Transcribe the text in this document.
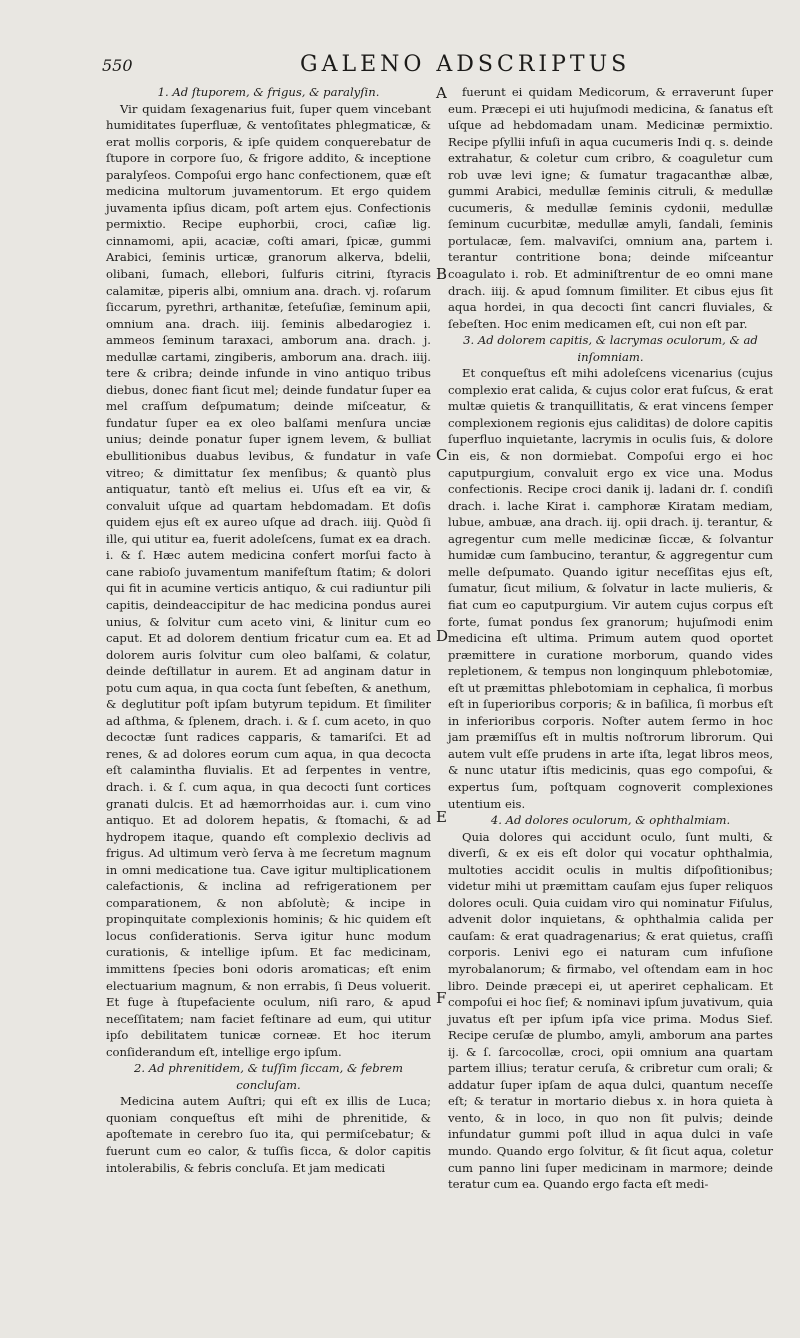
550	GALENO ADSCRIPTUS
A
B
C
D
E
F

1. Ad ſtuporem, & frigus, & paralyſin.

Vir quidam ſexagenarius fuit, ſuper quem vincebant humiditates ſuperfluæ, & ventoſitates phlegmaticæ, & erat mollis corporis, & ipſe quidem conquerebatur de ſtupore in corpore ſuo, & frigore addito, & inceptione paralyſeos. Compoſui ergo hanc confectionem, quæ eſt medicina multorum juvamentorum. Et ergo quidem juvamenta ipſius dicam, poſt artem ejus. Confectionis permixtio. Recipe euphorbii, croci, caſiæ lig. cinnamomi, apii, acaciæ, coſti amari, ſpicæ, gummi Arabici, ſeminis urticæ, granorum alkerva, bdelii, olibani, ſumach, ellebori, ſulfuris citrini, ſtyracis calamitæ, piperis albi, omnium ana. drach. vj. roſarum ſiccarum, pyrethri, arthanitæ, ſeteſuſiæ, ſeminum apii, omnium ana. drach. iiij. ſeminis albedarogiez i. ammeos ſeminum taraxaci, amborum ana. drach. j. medullæ cartami, zingiberis, amborum ana. drach. iiij. tere & cribra; deinde infunde in vino antiquo tribus diebus, donec fiant ſicut mel; deinde fundatur ſuper ea mel craſſum deſpumatum; deinde miſceatur, & fundatur ſuper ea ex oleo balſami menſura unciæ unius; deinde ponatur ſuper ignem levem, & bulliat ebullitionibus duabus levibus, & fundatur in vaſe vitreo; & dimittatur ſex menſibus; & quantò plus antiquatur, tantò eſt melius ei. Uſus eſt ea vir, & convaluit uſque ad quartam hebdomadam. Et doſis quidem ejus eſt ex aureo uſque ad drach. iiij. Quòd ſi ille, qui utitur ea, fuerit adoleſcens, ſumat ex ea drach. i. & ſ. Hæc autem medicina confert morſui facto à cane rabioſo juvamentum manifeſtum ſtatim; & dolori qui fit in acumine verticis antiquo, & cui radiuntur pili capitis, deindeaccipitur de hac medicina pondus aurei unius, & ſolvitur cum aceto vini, & linitur cum eo caput. Et ad dolorem dentium fricatur cum ea. Et ad dolorem auris ſolvitur cum oleo balſami, & colatur, deinde deſtillatur in aurem. Et ad anginam datur in potu cum aqua, in qua cocta ſunt ſebeſten, & anethum, & deglutitur poſt ipſam butyrum tepidum. Et ſimiliter ad aſthma, & ſplenem, drach. i. & ſ. cum aceto, in quo decoctæ ſunt radices capparis, & tamariſci. Et ad renes, & ad dolores eorum cum aqua, in qua decocta eſt calamintha fluvialis. Et ad ſerpentes in ventre, drach. i. & ſ. cum aqua, in qua decocti ſunt cortices granati dulcis. Et ad hæmorrhoidas aur. i. cum vino antiquo. Et ad dolorem hepatis, & ſtomachi, & ad hydropem itaque, quando eſt complexio declivis ad frigus. Ad ultimum verò ſerva à me ſecretum magnum in omni medicatione tua. Cave igitur multiplicationem calefactionis, & inclina ad refrigerationem per comparationem, & non abſolutè; & incipe in propinquitate complexionis hominis; & hic quidem eſt locus conſiderationis. Serva igitur hunc modum curationis, & intellige ipſum. Et fac medicinam, immittens ſpecies boni odoris aromaticas; eſt enim electuarium magnum, & non errabis, ſi Deus voluerit. Et fuge à ſtupefaciente oculum, niſi raro, & apud neceſſitatem; nam faciet feſtinare ad eum, qui utitur ipſo debilitatem tunicæ corneæ. Et hoc iterum conſiderandum eſt, intellige ergo ipſum.

2. Ad phrenitidem, & tuſſim ſiccam, & febrem concluſam.

Medicina autem Auſtri; qui eſt ex illis de Luca; quoniam conqueſtus eſt mihi de phrenitide, & apoſtemate in cerebro ſuo ita, qui permiſcebatur; & fuerunt cum eo calor, & tuſſis ſicca, & dolor capitis intolerabilis, & febris concluſa. Et jam medicati

fuerunt ei quidam Medicorum, & erraverunt ſuper eum. Præcepi ei uti hujuſmodi medicina, & ſanatus eſt uſque ad hebdomadam unam. Medicinæ permixtio. Recipe pſyllii infuſi in aqua cucumeris Indi q. s. deinde extrahatur, & coletur cum cribro, & coaguletur cum rob uvæ levi igne; & ſumatur tragacanthæ albæ, gummi Arabici, medullæ ſeminis citruli, & medullæ cucumeris, & medullæ ſeminis cydonii, medullæ ſeminum cucurbitæ, medullæ amyli, ſandali, ſeminis portulacæ, ſem. malvaviſci, omnium ana, partem i. terantur contritione bona; deinde miſceantur coagulato i. rob. Et adminiſtrentur de eo omni mane drach. iiij. & apud ſomnum ſimiliter. Et cibus ejus ſit aqua hordei, in qua decocti ſint cancri fluviales, & ſebeſten. Hoc enim medicamen eſt, cui non eſt par.

3. Ad dolorem capitis, & lacrymas oculorum, & ad inſomniam.

Et conqueſtus eſt mihi adoleſcens vicenarius (cujus complexio erat calida, & cujus color erat fuſcus, & erat multæ quietis & tranquillitatis, & erat vincens ſemper complexionem regionis ejus caliditas) de dolore capitis ſuperfluo inquietante, lacrymis in oculis ſuis, & dolore in eis, & non dormiebat. Compoſui ergo ei hoc caputpurgium, convaluit ergo ex vice una. Modus confectionis. Recipe croci danik ij. ladani dr. ſ. condiſi drach. i. lache Kirat i. camphoræ Kiratam mediam, lubue, ambuæ, ana drach. iij. opii drach. ij. terantur, & agregentur cum melle medicinæ ſiccæ, & ſolvantur humidæ cum ſambucino, terantur, & aggregentur cum melle deſpumato. Quando igitur neceſſitas ejus eſt, ſumatur, ſicut milium, & ſolvatur in lacte mulieris, & fiat cum eo caputpurgium. Vir autem cujus corpus eſt forte, ſumat pondus ſex granorum; hujuſmodi enim medicina eſt ultima. Primum autem quod oportet præmittere in curatione morborum, quando vides repletionem, & tempus non longinquum phlebotomiæ, eſt ut præmittas phlebotomiam in cephalica, ſi morbus eſt in ſuperioribus corporis; & in baſilica, ſi morbus eſt in inferioribus corporis. Noſter autem ſermo in hoc jam præmiſſus eſt in multis noſtrorum librorum. Qui autem vult eſſe prudens in arte iſta, legat libros meos, & nunc utatur iſtis medicinis, quas ego compoſui, & expertus ſum, poſtquam cognoverit complexiones utentium eis.

4. Ad dolores oculorum, & ophthalmiam.

Quia dolores qui accidunt oculo, ſunt multi, & diverſi, & ex eis eſt dolor qui vocatur ophthalmia, multoties accidit oculis in multis diſpoſitionibus; videtur mihi ut præmittam cauſam ejus ſuper reliquos dolores oculi. Quia cuidam viro qui nominatur Fiſulus, advenit dolor inquietans, & ophthalmia calida per cauſam: & erat quadragenarius; & erat quietus, craſſi corporis. Lenivi ego ei naturam cum infuſione myrobalanorum; & firmabo, vel oſtendam eam in hoc libro. Deinde præcepi ei, ut aperiret cephalicam. Et compoſui ei hoc ſief; & nominavi ipſum juvativum, quia juvatus eſt per ipſum ipſa vice prima. Modus Sief. Recipe ceruſæ de plumbo, amyli, amborum ana partes ij. & ſ. ſarcocollæ, croci, opii omnium ana quartam partem illius; teratur ceruſa, & cribretur cum orali; & addatur ſuper ipſam de aqua dulci, quantum neceſſe eſt; & teratur in mortario diebus x. in hora quieta à vento, & in loco, in quo non ſit pulvis; deinde infundatur gummi poſt illud in aqua dulci in vaſe mundo. Quando ergo ſolvitur, & ſit ſicut aqua, coletur cum panno lini ſuper medicinam in marmore; deinde teratur cum ea. Quando ergo facta eſt medi-
